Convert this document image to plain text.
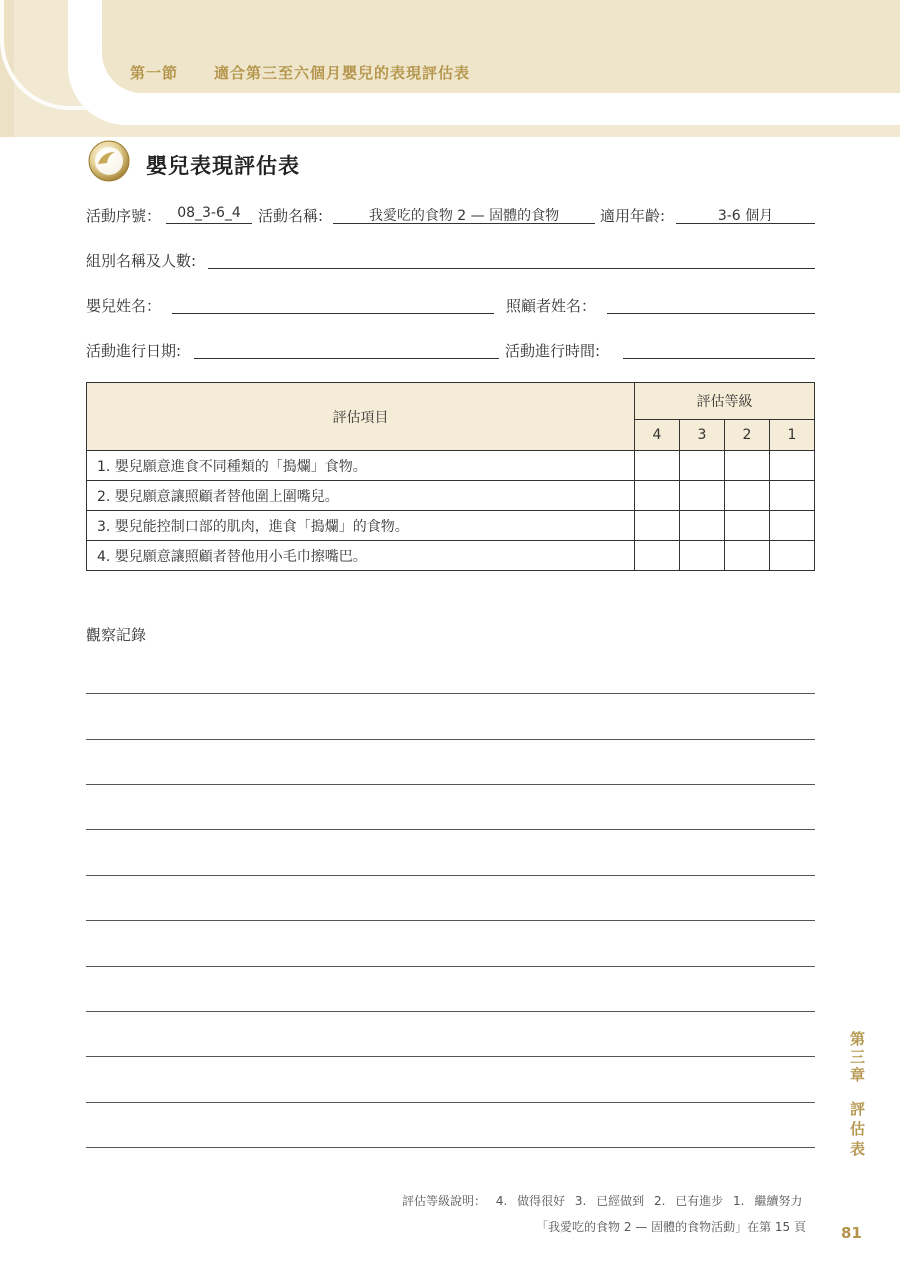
第一節 適合第三至六個月嬰兒的表現評估表
嬰兒表現評估表
活動序號：	08_3-6_4	活動名稱:	我愛吃的食物 2 — 固體的食物	適用年齡:	3-6 個月
組別名稱及人數:
嬰兒姓名：	照顧者姓名：
活動進行日期:	活動進行時間:
評估項目	評估等級			
	4	3	2	1
1. 嬰兒願意進食不同種類的「搗爛」食物。				
2. 嬰兒願意讓照顧者替他圍上圍嘴兒。				
3. 嬰兒能控制口部的肌肉，進食「搗爛」的食物。				
4. 嬰兒願意讓照顧者替他用小毛巾擦嘴巴。				
觀察記錄
第
三
章
評
估
表
評估等級說明： 4. 做得很好 3. 已經做到 2. 已有進步 1. 繼續努力
「我愛吃的食物 2 — 固體的食物活動」在第 15 頁 81
